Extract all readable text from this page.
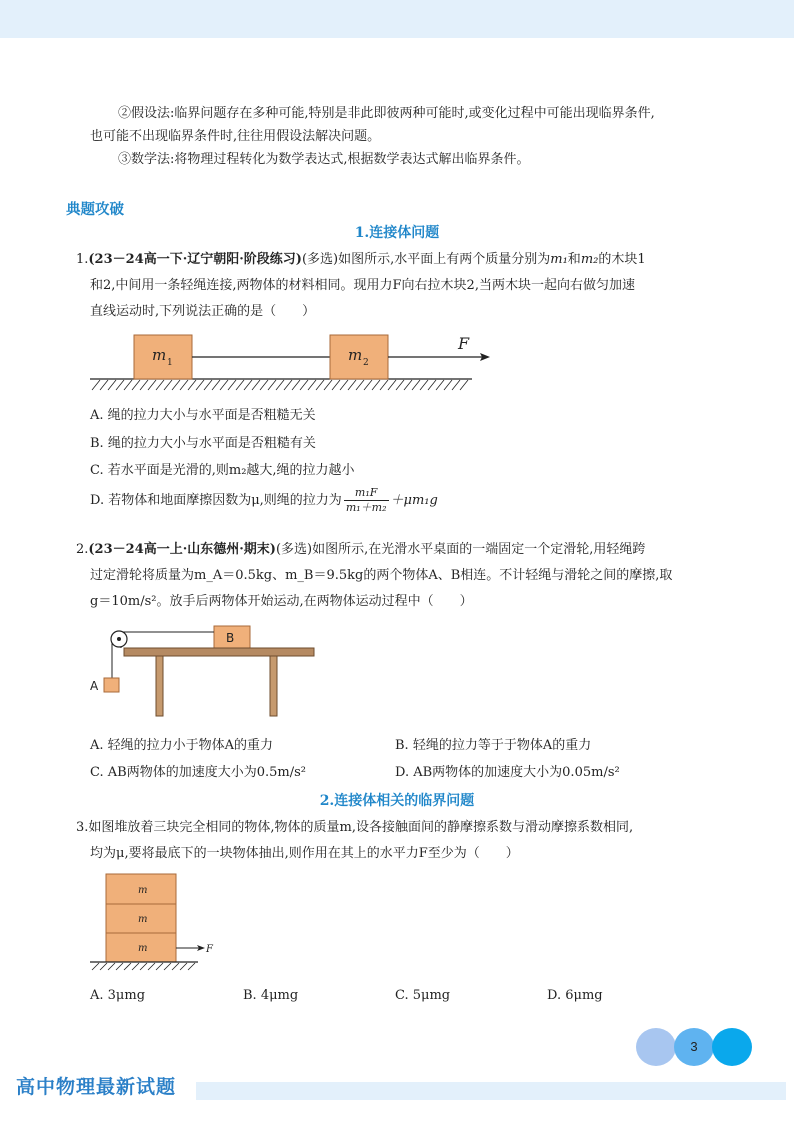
②假设法:临界问题存在多种可能,特别是非此即彼两种可能时,或变化过程中可能出现临界条件,
也可能不出现临界条件时,往往用假设法解决问题。
③数学法:将物理过程转化为数学表达式,根据数学表达式解出临界条件。
典题攻破
1.连接体问题
1.(23－24高一下·辽宁朝阳·阶段练习)(多选)如图所示,水平面上有两个质量分别为m₁和m₂的木块1
和2,中间用一条轻绳连接,两物体的材料相同。现用力F向右拉木块2,当两木块一起向右做匀加速
直线运动时,下列说法正确的是（　　）
m 1	m 2
F
A. 绳的拉力大小与水平面是否粗糙无关
B. 绳的拉力大小与水平面是否粗糙有关
C. 若水平面是光滑的,则m₂越大,绳的拉力越小
D. 若物体和地面摩擦因数为μ,则绳的拉力为 $\frac{\text{m₁F}}{\text{m₁＋m₂}} +\mu m_1g$
2.(23－24高一上·山东德州·期末)(多选)如图所示,在光滑水平桌面的一端固定一个定滑轮,用轻绳跨
过定滑轮将质量为m_A＝0.5kg、m_B＝9.5kg的两个物体A、B相连。不计轻绳与滑轮之间的摩擦,取
g＝10m/s²。放手后两物体开始运动,在两物体运动过程中（　　）
B
A
A. 轻绳的拉力小于物体A的重力	B. 轻绳的拉力等于于物体A的重力
C. AB两物体的加速度大小为0.5m/s²	D. AB两物体的加速度大小为0.05m/s²
2.连接体相关的临界问题
3.如图堆放着三块完全相同的物体,物体的质量m,设各接触面间的静摩擦系数与滑动摩擦系数相同,
均为μ,要将最底下的一块物体抽出,则作用在其上的水平力F至少为（　　）
m
m
m	F
A. 3μmg	B. 4μmg	C. 5μmg	D. 6μmg
3
高中物理最新试题
